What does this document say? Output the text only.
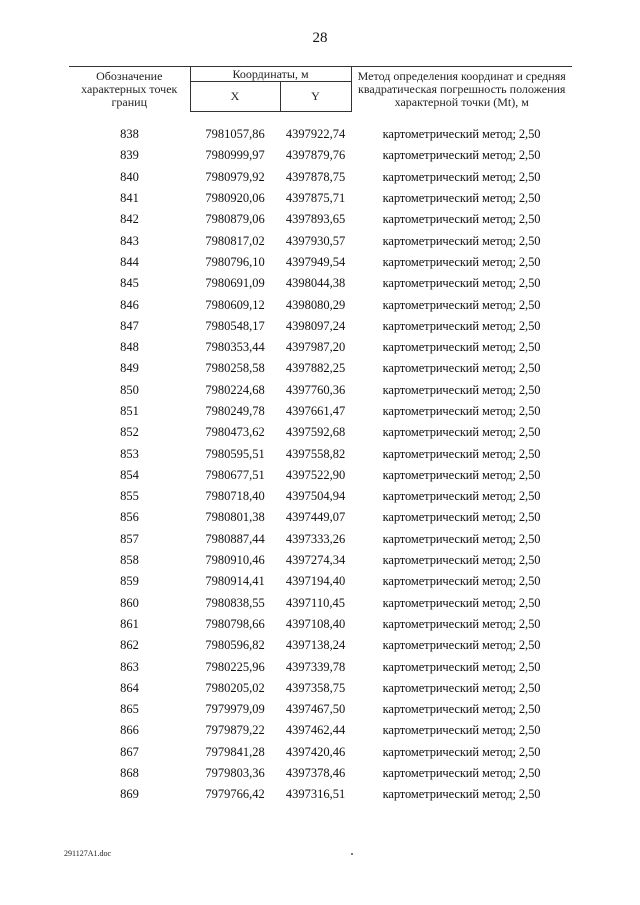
28
Обозначение характерных точек границ	Координаты, м		Метод определения координат и средняя квадратическая погрешность положения характерной точки (Mt), м
	X	Y	

838	7981057,86	4397922,74	картометрический метод; 2,50
839	7980999,97	4397879,76	картометрический метод; 2,50
840	7980979,92	4397878,75	картометрический метод; 2,50
841	7980920,06	4397875,71	картометрический метод; 2,50
842	7980879,06	4397893,65	картометрический метод; 2,50
843	7980817,02	4397930,57	картометрический метод; 2,50
844	7980796,10	4397949,54	картометрический метод; 2,50
845	7980691,09	4398044,38	картометрический метод; 2,50
846	7980609,12	4398080,29	картометрический метод; 2,50
847	7980548,17	4398097,24	картометрический метод; 2,50
848	7980353,44	4397987,20	картометрический метод; 2,50
849	7980258,58	4397882,25	картометрический метод; 2,50
850	7980224,68	4397760,36	картометрический метод; 2,50
851	7980249,78	4397661,47	картометрический метод; 2,50
852	7980473,62	4397592,68	картометрический метод; 2,50
853	7980595,51	4397558,82	картометрический метод; 2,50
854	7980677,51	4397522,90	картометрический метод; 2,50
855	7980718,40	4397504,94	картометрический метод; 2,50
856	7980801,38	4397449,07	картометрический метод; 2,50
857	7980887,44	4397333,26	картометрический метод; 2,50
858	7980910,46	4397274,34	картометрический метод; 2,50
859	7980914,41	4397194,40	картометрический метод; 2,50
860	7980838,55	4397110,45	картометрический метод; 2,50
861	7980798,66	4397108,40	картометрический метод; 2,50
862	7980596,82	4397138,24	картометрический метод; 2,50
863	7980225,96	4397339,78	картометрический метод; 2,50
864	7980205,02	4397358,75	картометрический метод; 2,50
865	7979979,09	4397467,50	картометрический метод; 2,50
866	7979879,22	4397462,44	картометрический метод; 2,50
867	7979841,28	4397420,46	картометрический метод; 2,50
868	7979803,36	4397378,46	картометрический метод; 2,50
869	7979766,42	4397316,51	картометрический метод; 2,50
291127A1.doc
